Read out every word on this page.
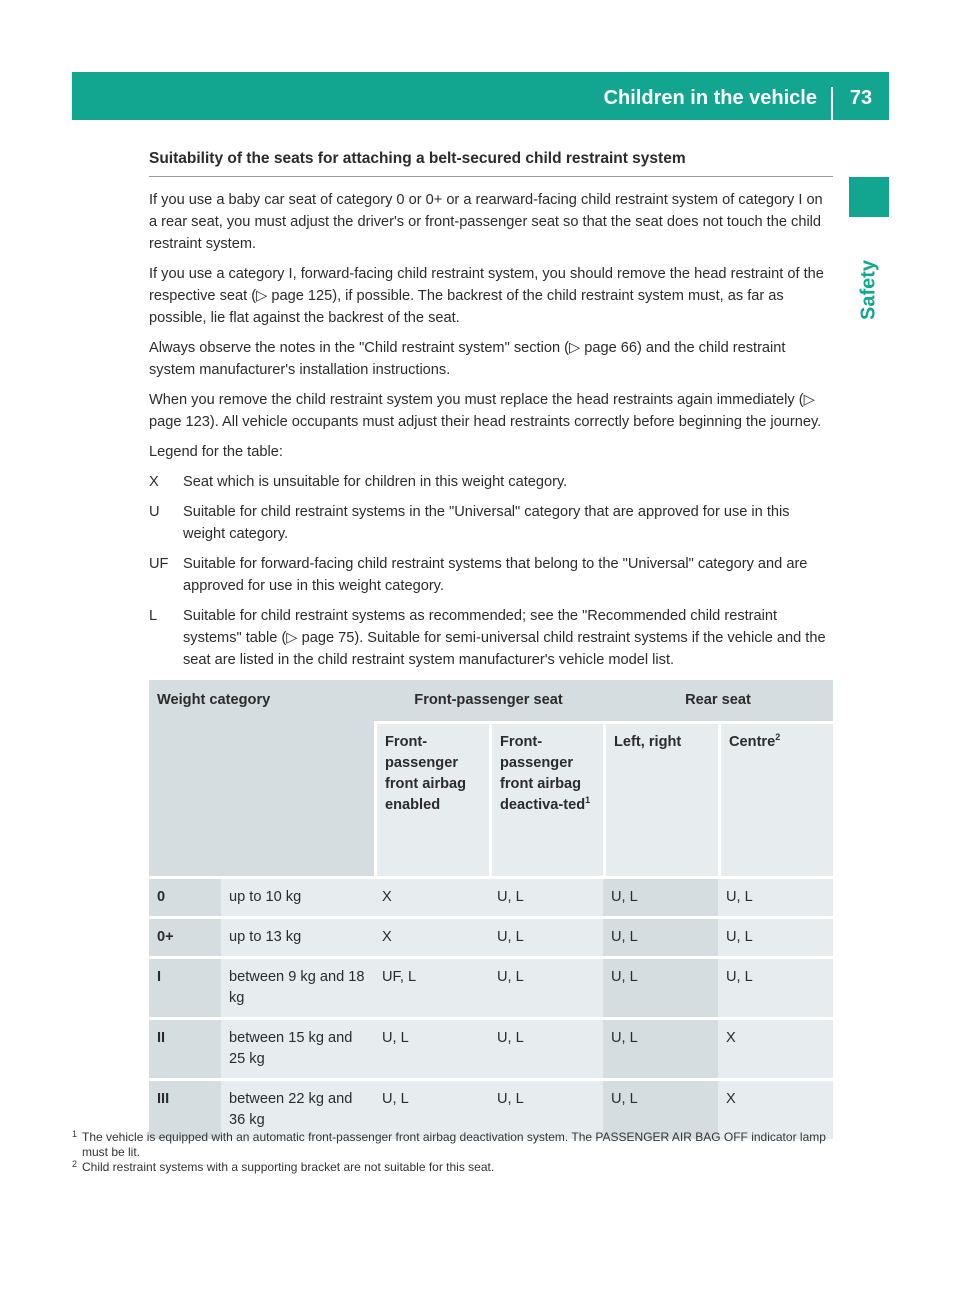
Children in the vehicle	73
Safety
Suitability of the seats for attaching a belt-secured child restraint system

If you use a baby car seat of category 0 or 0+ or a rearward-facing child restraint system of category I on a rear seat, you must adjust the driver's or front-passenger seat so that the seat does not touch the child restraint system.

If you use a category I, forward-facing child restraint system, you should remove the head restraint of the respective seat (▷ page 125), if possible. The backrest of the child restraint system must, as far as possible, lie flat against the backrest of the seat.

Always observe the notes in the "Child restraint system" section (▷ page 66) and the child restraint system manufacturer's installation instructions.

When you remove the child restraint system you must replace the head restraints again immediately (▷ page 123). All vehicle occupants must adjust their head restraints correctly before beginning the journey.

Legend for the table:

X	Seat which is unsuitable for children in this weight category.
U	Suitable for child restraint systems in the "Universal" category that are approved for use in this weight category.
UF Suitable for forward-facing child restraint systems that belong to the "Universal" category and are approved for use in this weight category.
L	Suitable for child restraint systems as recommended; see the "Recommended child restraint systems" table (▷ page 75). Suitable for semi-universal child restraint systems if the vehicle and the seat are listed in the child restraint system manufacturer's vehicle model list.
Weight category		Front-passenger seat		Rear seat	
		Front-passenger front airbag enabled	Front-passenger front airbag deactiva-ted$^1$	Left, right	Centre$^2$
0	up to 10 kg	X	U, L	U, L	U, L
0+	up to 13 kg	X	U, L	U, L	U, L
I	between 9 kg and 18 kg	UF, L	U, L	U, L	U, L
II	between 15 kg and 25 kg	U, L	U, L	U, L	X
III	between 22 kg and 36 kg	U, L	U, L	U, L	X
1 The vehicle is equipped with an automatic front-passenger front airbag deactivation system. The PASSENGER AIR BAG OFF indicator lamp must be lit.
2 Child restraint systems with a supporting bracket are not suitable for this seat.
